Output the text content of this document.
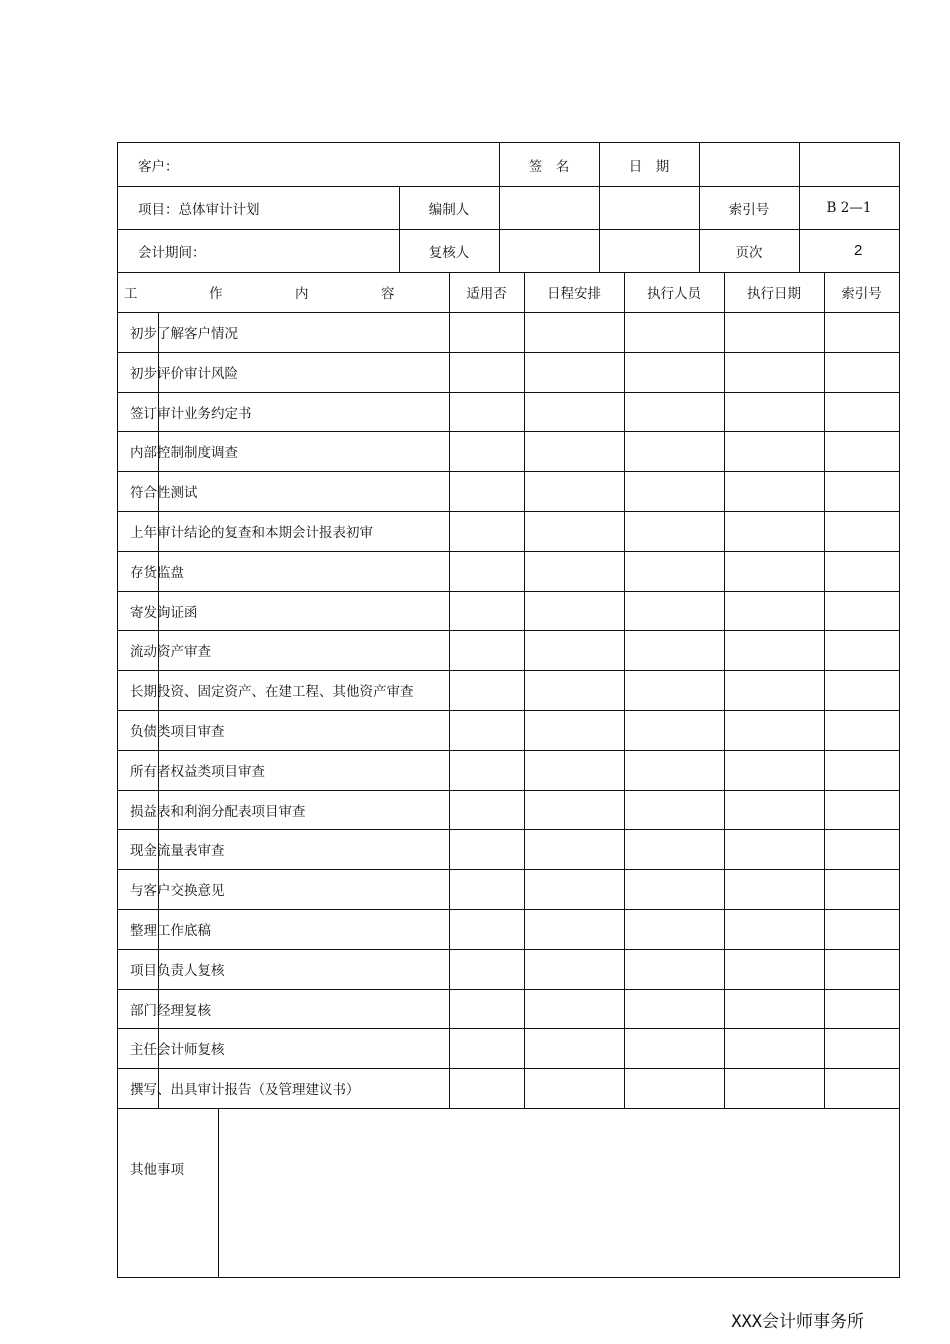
客户：	签　名	日　期
项目：总体审计计划	编制人	索引号	B 2—1
会计期间：	复核人	页次	2
工	作	内	容	适用否	日程安排	执行人员	执行日期	索引号
初步了解客户情况
初步评价审计风险
签订审计业务约定书
内部控制制度调查
符合性测试
上年审计结论的复查和本期会计报表初审
存货监盘
寄发询证函
流动资产审查
长期投资、固定资产、在建工程、其他资产审查
负债类项目审查
所有者权益类项目审查
损益表和利润分配表项目审查
现金流量表审查
与客户交换意见
整理工作底稿
项目负责人复核
部门经理复核
主任会计师复核
撰写、出具审计报告（及管理建议书）
其他事项
XXX会计师事务所
